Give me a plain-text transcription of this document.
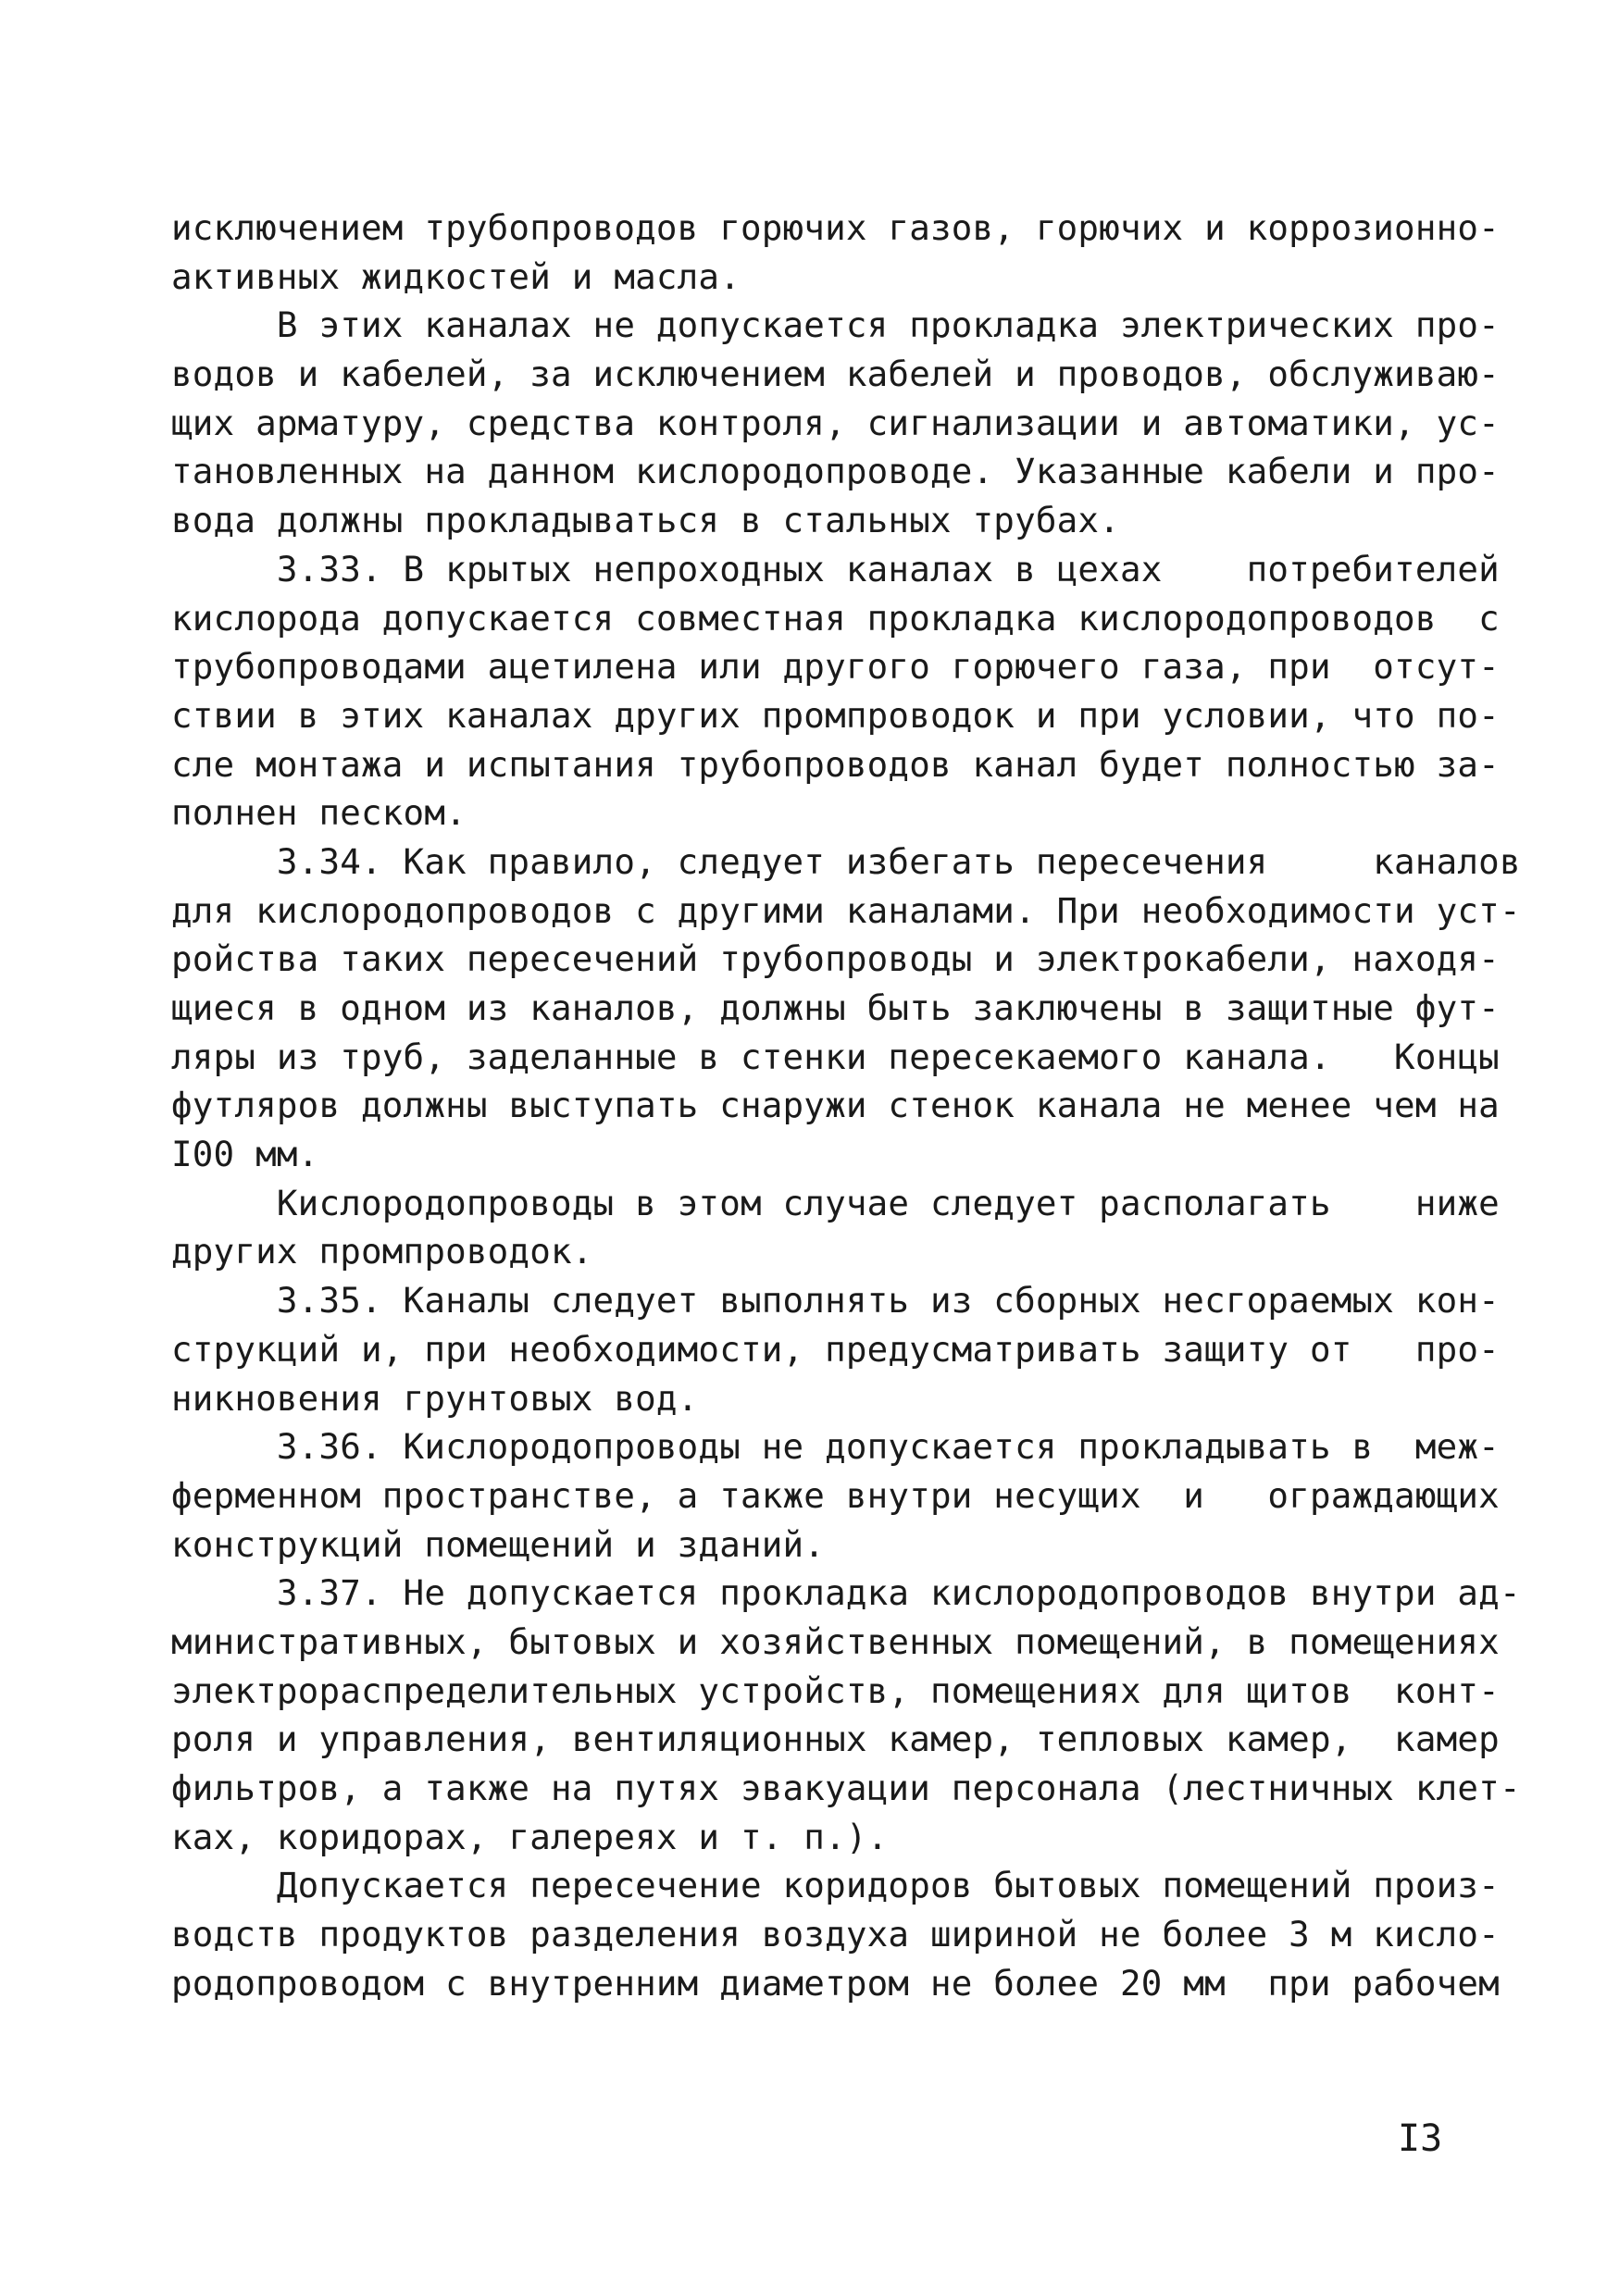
исключением трубопроводов горючих газов, горючих и коррозионно-
активных жидкостей и масла.
В этих каналах не допускается прокладка электрических про-
водов и кабелей, за исключением кабелей и проводов, обслуживаю-
щих арматуру, средства контроля, сигнализации и автоматики, ус-
тановленных на данном кислородопроводе. Указанные кабели и про-
вода должны прокладываться в стальных трубах.
3.33. В крытых непроходных каналах в цехах    потребителей
кислорода допускается совместная прокладка кислородопроводов  с
трубопроводами ацетилена или другого горючего газа, при  отсут-
ствии в этих каналах других промпроводок и при условии, что по-
сле монтажа и испытания трубопроводов канал будет полностью за-
полнен песком.
3.34. Как правило, следует избегать пересечения     каналов
для кислородопроводов с другими каналами. При необходимости уст-
ройства таких пересечений трубопроводы и электрокабели, находя-
щиеся в одном из каналов, должны быть заключены в защитные фут-
ляры из труб, заделанные в стенки пересекаемого канала.   Концы
футляров должны выступать снаружи стенок канала не менее чем на
I00 мм.
Кислородопроводы в этом случае следует располагать    ниже
других промпроводок.
3.35. Каналы следует выполнять из сборных несгораемых кон-
струкций и, при необходимости, предусматривать защиту от   про-
никновения грунтовых вод.
3.36. Кислородопроводы не допускается прокладывать в  меж-
ферменном пространстве, а также внутри несущих  и   ограждающих
конструкций помещений и зданий.
3.37. Не допускается прокладка кислородопроводов внутри ад-
министративных, бытовых и хозяйственных помещений, в помещениях
электрораспределительных устройств, помещениях для щитов  конт-
роля и управления, вентиляционных камер, тепловых камер,  камер
фильтров, а также на путях эвакуации персонала (лестничных клет-
ках, коридорах, галереях и т. п.).
Допускается пересечение коридоров бытовых помещений произ-
водств продуктов разделения воздуха шириной не более 3 м кисло-
родопроводом с внутренним диаметром не более 20 мм  при рабочем
I3
